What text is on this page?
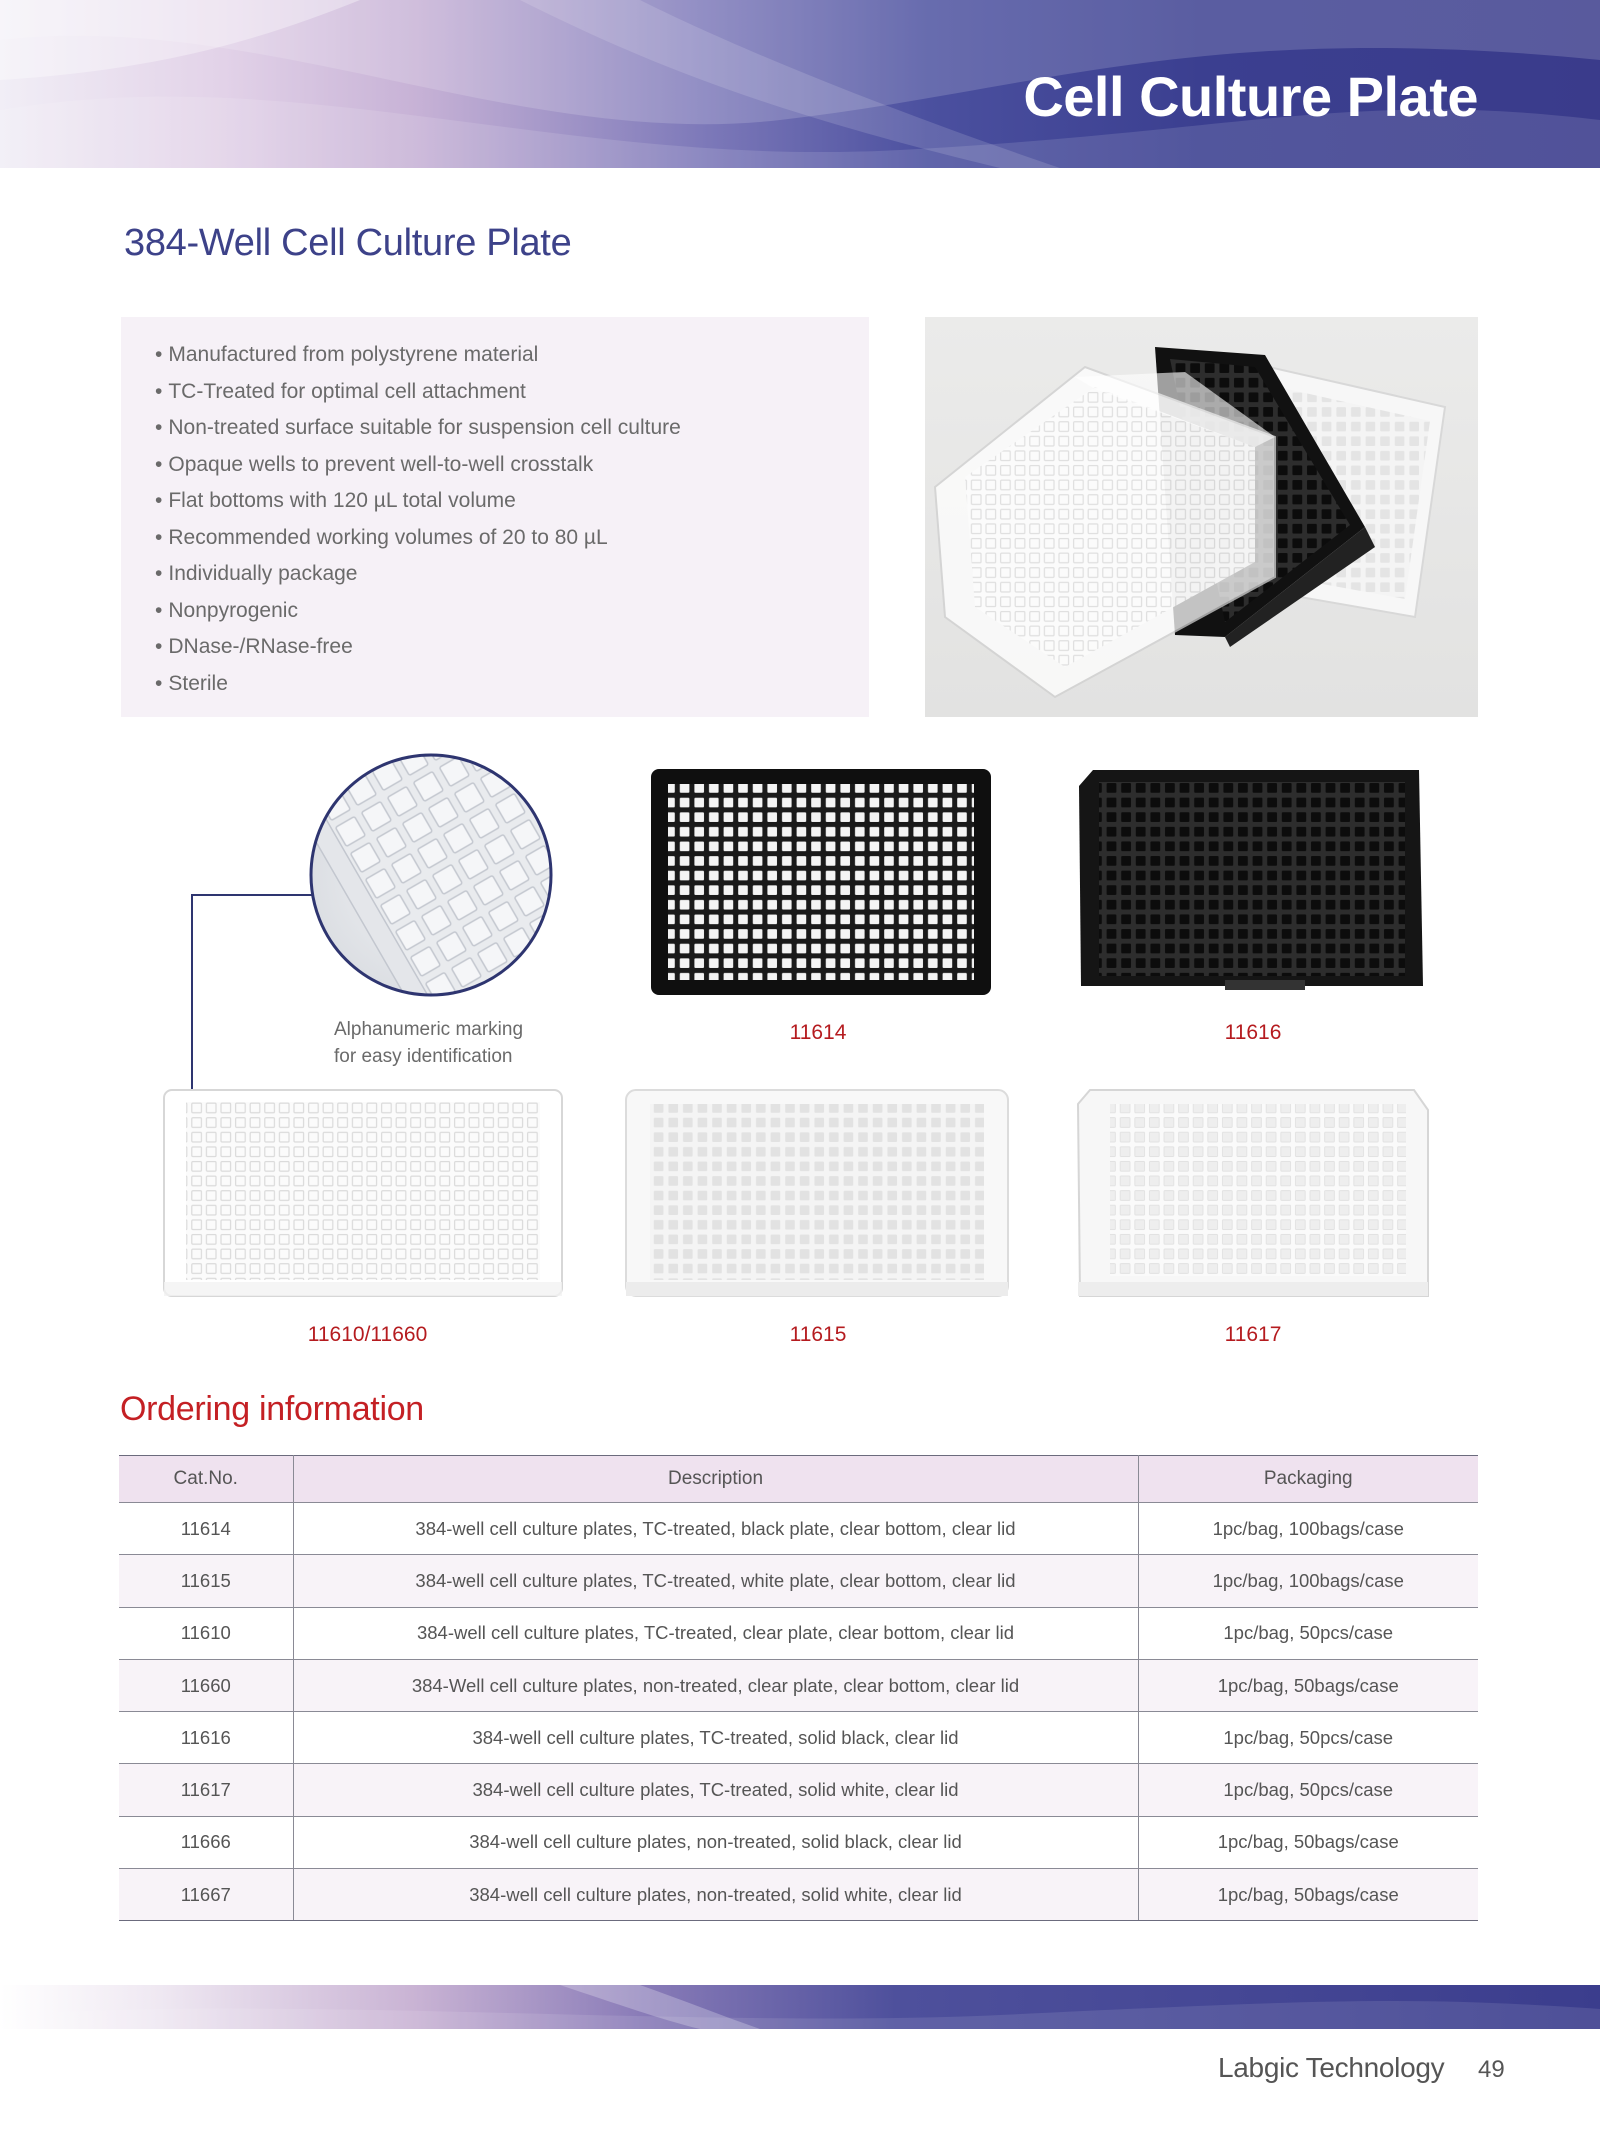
Cell Culture Plate
384-Well Cell Culture Plate
• Manufactured from polystyrene material
• TC-Treated for optimal cell attachment
• Non-treated surface suitable for suspension cell culture
• Opaque wells to prevent well-to-well crosstalk
• Flat bottoms with 120 µL total volume
• Recommended working volumes of 20 to 80 µL
• Individually package
• Nonpyrogenic
• DNase-/RNase-free
• Sterile
Alphanumeric marking
for easy identification
11614	11616
11610/11660	11615	11617
Ordering information
Cat.No.	Description	Packaging
11614	384-well cell culture plates, TC-treated, black plate, clear bottom, clear lid	1pc/bag, 100bags/case
11615	384-well cell culture plates, TC-treated, white plate, clear bottom, clear lid	1pc/bag, 100bags/case
11610	384-well cell culture plates, TC-treated, clear plate, clear bottom, clear lid	1pc/bag, 50pcs/case
11660	384-Well cell culture plates, non-treated, clear plate, clear bottom, clear lid	1pc/bag, 50bags/case
11616	384-well cell culture plates, TC-treated, solid black, clear lid	1pc/bag, 50pcs/case
11617	384-well cell culture plates, TC-treated, solid white, clear lid	1pc/bag, 50pcs/case
11666	384-well cell culture plates, non-treated, solid black, clear lid	1pc/bag, 50bags/case
11667	384-well cell culture plates, non-treated, solid white, clear lid	1pc/bag, 50bags/case
Labgic Technology 49
